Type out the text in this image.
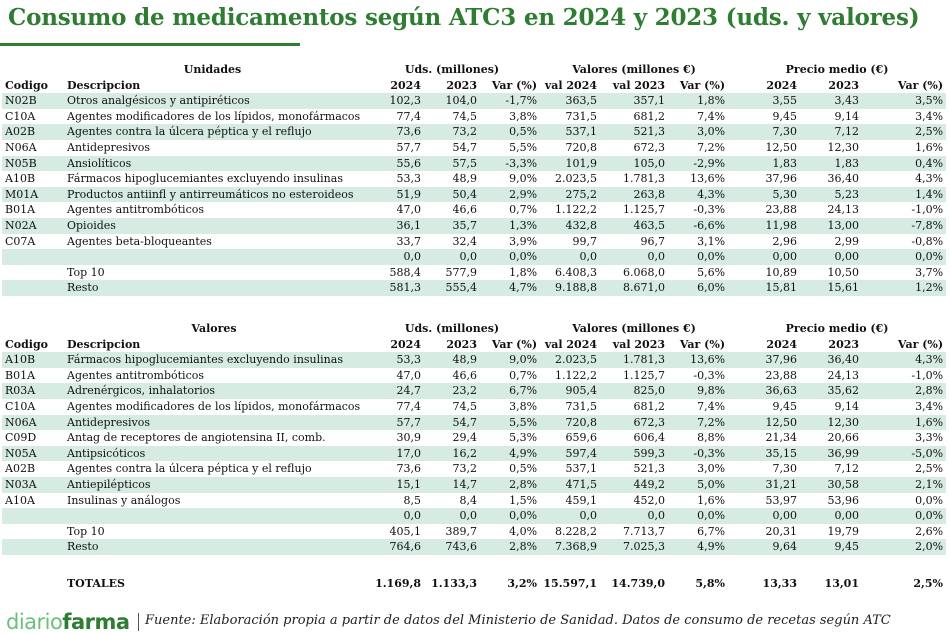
Consumo de medicamentos según ATC3 en 2024 y 2023 (uds. y valores)
	Unidades	Uds. (millones)			Valores (millones €)			Precio medio (€)		
Codigo	Descripcion	2024	2023	Var (%)	val 2024	val 2023	Var (%)	2024	2023	Var (%)
N02B	Otros analgésicos y antipiréticos	102,3	104,0	-1,7%	363,5	357,1	1,8%	3,55	3,43	3,5%
C10A	Agentes modificadores de los lípidos, monofármacos	77,4	74,5	3,8%	731,5	681,2	7,4%	9,45	9,14	3,4%
A02B	Agentes contra la úlcera péptica y el reflujo	73,6	73,2	0,5%	537,1	521,3	3,0%	7,30	7,12	2,5%
N06A	Antidepresivos	57,7	54,7	5,5%	720,8	672,3	7,2%	12,50	12,30	1,6%
N05B	Ansiolíticos	55,6	57,5	-3,3%	101,9	105,0	-2,9%	1,83	1,83	0,4%
A10B	Fármacos hipoglucemiantes excluyendo insulinas	53,3	48,9	9,0%	2.023,5	1.781,3	13,6%	37,96	36,40	4,3%
M01A	Productos antiinfl y antirreumáticos no esteroideos	51,9	50,4	2,9%	275,2	263,8	4,3%	5,30	5,23	1,4%
B01A	Agentes antitrombóticos	47,0	46,6	0,7%	1.122,2	1.125,7	-0,3%	23,88	24,13	-1,0%
N02A	Opioides	36,1	35,7	1,3%	432,8	463,5	-6,6%	11,98	13,00	-7,8%
C07A	Agentes beta-bloqueantes	33,7	32,4	3,9%	99,7	96,7	3,1%	2,96	2,99	-0,8%
		0,0	0,0	0,0%	0,0	0,0	0,0%	0,00	0,00	0,0%
	Top 10	588,4	577,9	1,8%	6.408,3	6.068,0	5,6%	10,89	10,50	3,7%
	Resto	581,3	555,4	4,7%	9.188,8	8.671,0	6,0%	15,81	15,61	1,2%
	Valores	Uds. (millones)			Valores (millones €)			Precio medio (€)		
Codigo	Descripcion	2024	2023	Var (%)	val 2024	val 2023	Var (%)	2024	2023	Var (%)
A10B	Fármacos hipoglucemiantes excluyendo insulinas	53,3	48,9	9,0%	2.023,5	1.781,3	13,6%	37,96	36,40	4,3%
B01A	Agentes antitrombóticos	47,0	46,6	0,7%	1.122,2	1.125,7	-0,3%	23,88	24,13	-1,0%
R03A	Adrenérgicos, inhalatorios	24,7	23,2	6,7%	905,4	825,0	9,8%	36,63	35,62	2,8%
C10A	Agentes modificadores de los lípidos, monofármacos	77,4	74,5	3,8%	731,5	681,2	7,4%	9,45	9,14	3,4%
N06A	Antidepresivos	57,7	54,7	5,5%	720,8	672,3	7,2%	12,50	12,30	1,6%
C09D	Antag de receptores de angiotensina II, comb.	30,9	29,4	5,3%	659,6	606,4	8,8%	21,34	20,66	3,3%
N05A	Antipsicóticos	17,0	16,2	4,9%	597,4	599,3	-0,3%	35,15	36,99	-5,0%
A02B	Agentes contra la úlcera péptica y el reflujo	73,6	73,2	0,5%	537,1	521,3	3,0%	7,30	7,12	2,5%
N03A	Antiepilépticos	15,1	14,7	2,8%	471,5	449,2	5,0%	31,21	30,58	2,1%
A10A	Insulinas y análogos	8,5	8,4	1,5%	459,1	452,0	1,6%	53,97	53,96	0,0%
		0,0	0,0	0,0%	0,0	0,0	0,0%	0,00	0,00	0,0%
	Top 10	405,1	389,7	4,0%	8.228,2	7.713,7	6,7%	20,31	19,79	2,6%
	Resto	764,6	743,6	2,8%	7.368,9	7.025,3	4,9%	9,64	9,45	2,0%
	TOTALES	1.169,8	1.133,3	3,2%	15.597,1	14.739,0	5,8%	13,33	13,01	2,5%
diariofarma Fuente: Elaboración propia a partir de datos del Ministerio de Sanidad. Datos de consumo de recetas según ATC
